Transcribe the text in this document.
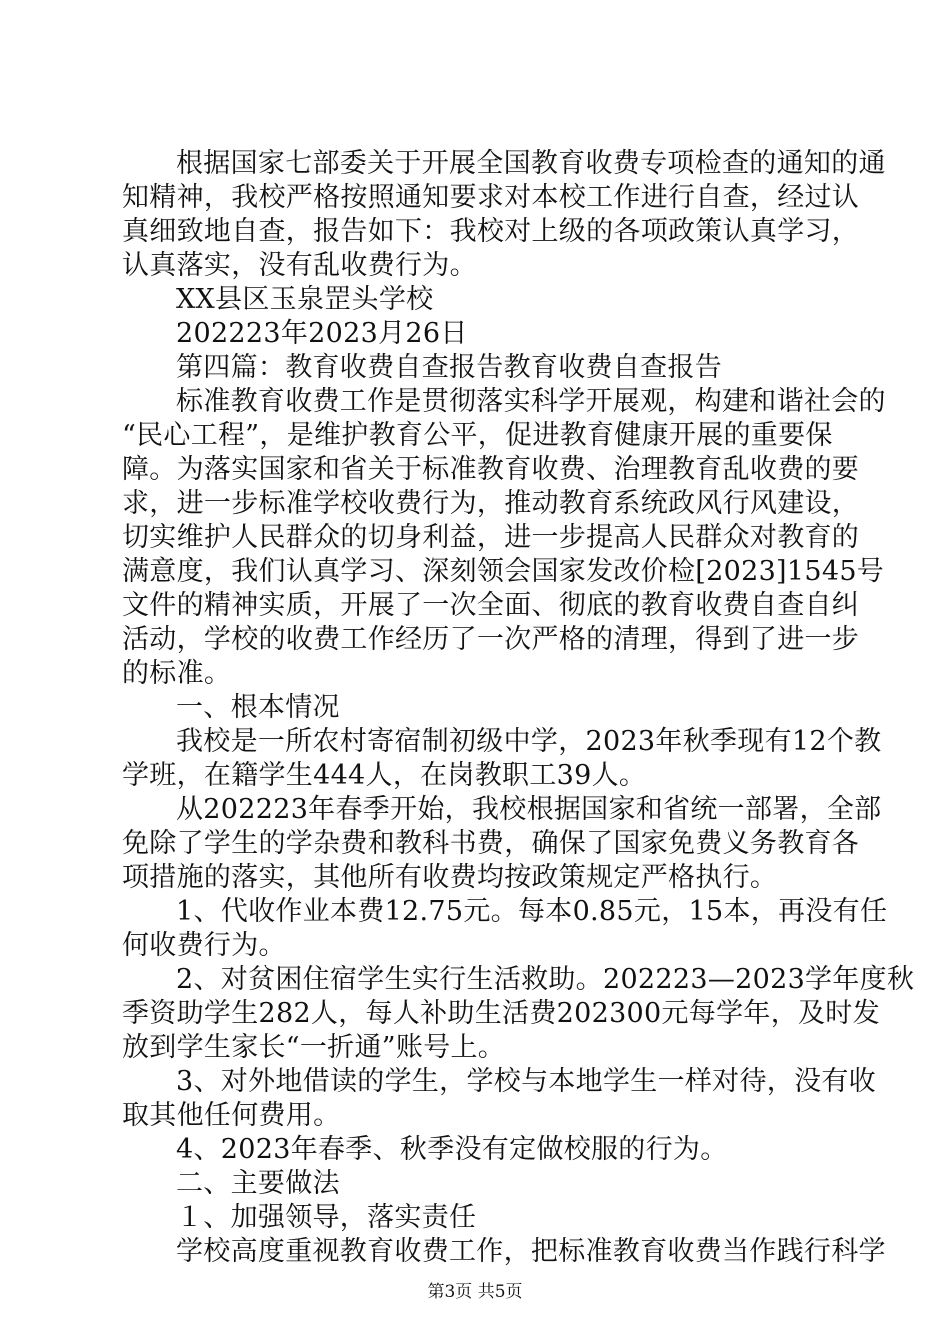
根据国家七部委关于开展全国教育收费专项检查的通知的通
知精神，我校严格按照通知要求对本校工作进行自查，经过认
真细致地自查，报告如下：我校对上级的各项政策认真学习，
认真落实，没有乱收费行为。
XX县区玉泉罡头学校
202223年2023月26日
第四篇：教育收费自查报告教育收费自查报告
标准教育收费工作是贯彻落实科学开展观，构建和谐社会的
“民心工程”，是维护教育公平，促进教育健康开展的重要保
障。为落实国家和省关于标准教育收费、治理教育乱收费的要
求，进一步标准学校收费行为，推动教育系统政风行风建设，
切实维护人民群众的切身利益，进一步提高人民群众对教育的
满意度，我们认真学习、深刻领会国家发改价检[2023]1545号
文件的精神实质，开展了一次全面、彻底的教育收费自查自纠
活动，学校的收费工作经历了一次严格的清理，得到了进一步
的标准。
一、根本情况
我校是一所农村寄宿制初级中学，2023年秋季现有12个教
学班，在籍学生444人，在岗教职工39人。
从202223年春季开始，我校根据国家和省统一部署，全部
免除了学生的学杂费和教科书费，确保了国家免费义务教育各
项措施的落实，其他所有收费均按政策规定严格执行。
1、代收作业本费12.75元。每本0.85元，15本，再没有任
何收费行为。
2、对贫困住宿学生实行生活救助。202223—2023学年度秋
季资助学生282人，每人补助生活费202300元每学年，及时发
放到学生家长“一折通”账号上。
3、对外地借读的学生，学校与本地学生一样对待，没有收
取其他任何费用。
4、2023年春季、秋季没有定做校服的行为。
二、主要做法
１、加强领导，落实责任
学校高度重视教育收费工作，把标准教育收费当作践行科学
第3页 共5页
